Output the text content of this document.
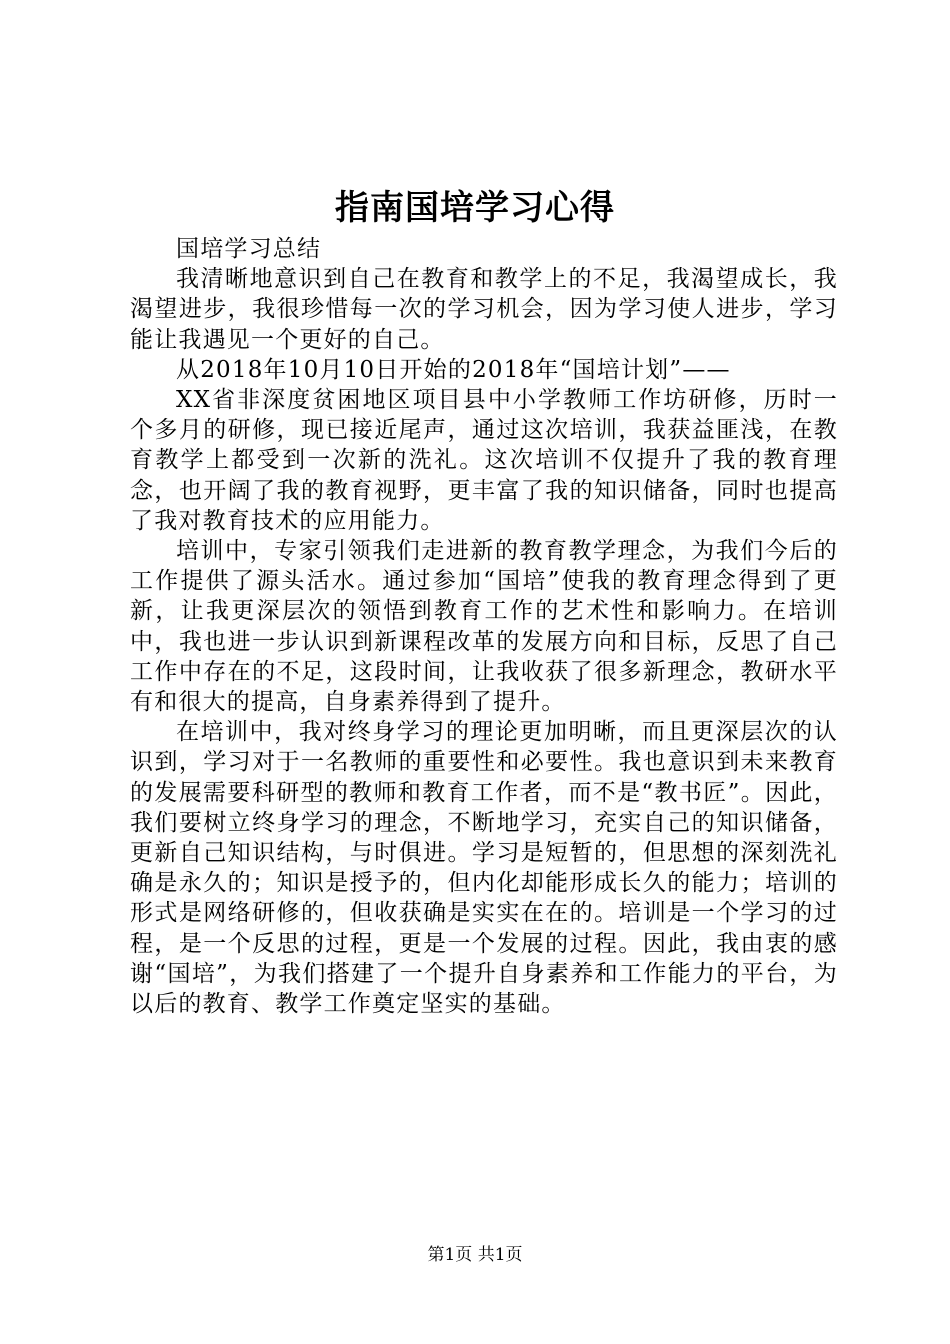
指南国培学习心得

国培学习总结

我清晰地意识到自己在教育和教学上的不足，我渴望成长，我渴望进步，我很珍惜每一次的学习机会，因为学习使人进步，学习能让我遇见一个更好的自己。

从2018年10月10日开始的2018年“国培计划”——

XX省非深度贫困地区项目县中小学教师工作坊研修，历时一个多月的研修，现已接近尾声，通过这次培训，我获益匪浅，在教育教学上都受到一次新的洗礼。这次培训不仅提升了我的教育理念，也开阔了我的教育视野，更丰富了我的知识储备，同时也提高了我对教育技术的应用能力。

培训中，专家引领我们走进新的教育教学理念，为我们今后的工作提供了源头活水。通过参加“国培”使我的教育理念得到了更新，让我更深层次的领悟到教育工作的艺术性和影响力。在培训中，我也进一步认识到新课程改革的发展方向和目标，反思了自己工作中存在的不足，这段时间，让我收获了很多新理念，教研水平有和很大的提高，自身素养得到了提升。

在培训中，我对终身学习的理论更加明晰，而且更深层次的认识到，学习对于一名教师的重要性和必要性。我也意识到未来教育的发展需要科研型的教师和教育工作者，而不是“教书匠”。因此，我们要树立终身学习的理念，不断地学习，充实自己的知识储备，更新自己知识结构，与时俱进。学习是短暂的，但思想的深刻洗礼确是永久的；知识是授予的，但内化却能形成长久的能力；培训的形式是网络研修的，但收获确是实实在在的。培训是一个学习的过程，是一个反思的过程，更是一个发展的过程。因此，我由衷的感谢“国培”，为我们搭建了一个提升自身素养和工作能力的平台，为以后的教育、教学工作奠定坚实的基础。

第1页 共1页
